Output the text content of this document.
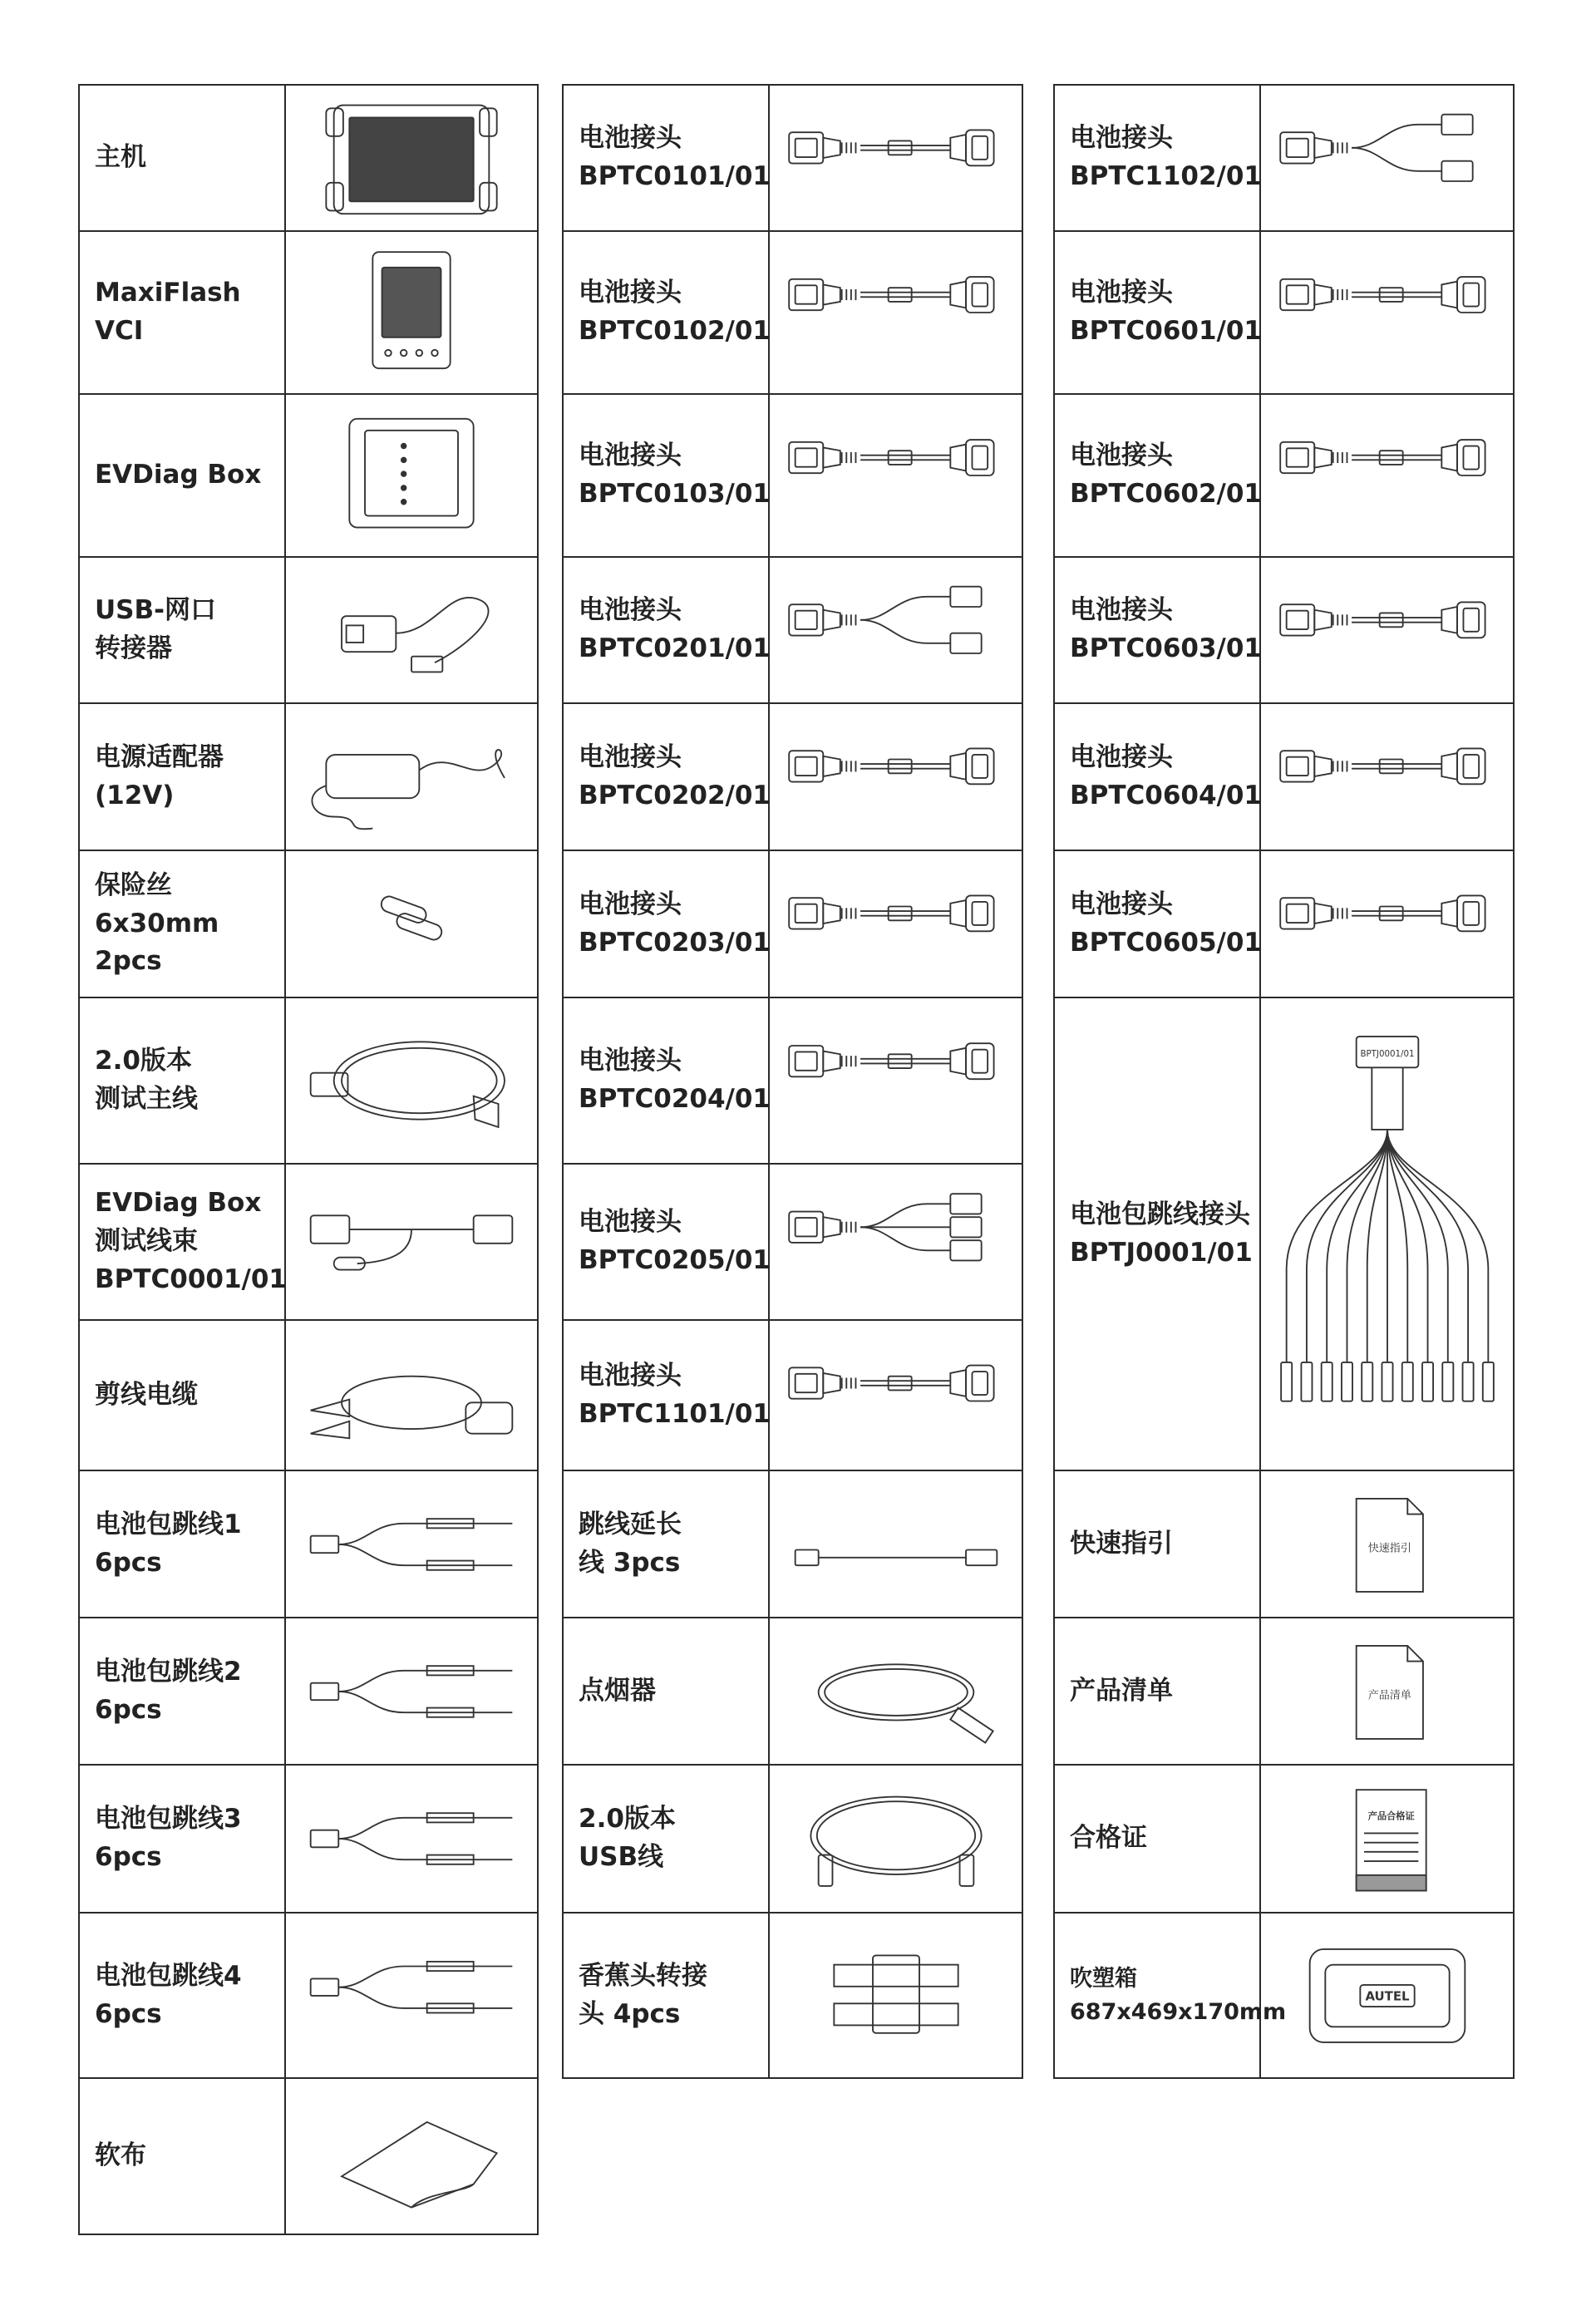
主机

MaxiFlash VCI

EVDiag Box

USB-网口
转接器

电源适配器
(12V)

保险丝
6x30mm 2pcs

2.0版本
测试主线

EVDiag Box
测试线束
BPTC0001/01

剪线电缆

电池包跳线1
6pcs

电池包跳线2
6pcs

电池包跳线3
6pcs

电池包跳线4
6pcs

软布

电池接头
BPTC0101/01

电池接头
BPTC0102/01

电池接头
BPTC0103/01

电池接头
BPTC0201/01

电池接头
BPTC0202/01

电池接头
BPTC0203/01

电池接头
BPTC0204/01

电池接头
BPTC0205/01

电池接头
BPTC1101/01

跳线延长
线 3pcs

点烟器

2.0版本
USB线

香蕉头转接
头 4pcs

电池接头
BPTC1102/01

电池接头
BPTC0601/01

电池接头
BPTC0602/01

电池接头
BPTC0603/01

电池接头
BPTC0604/01

电池接头
BPTC0605/01

电池包跳线接头
BPTJ0001/01	BPTJ0001/01

快速指引	快速指引

产品清单	产品清单

合格证	产品合格证

吹塑箱
687x469x170mm	AUTEL
